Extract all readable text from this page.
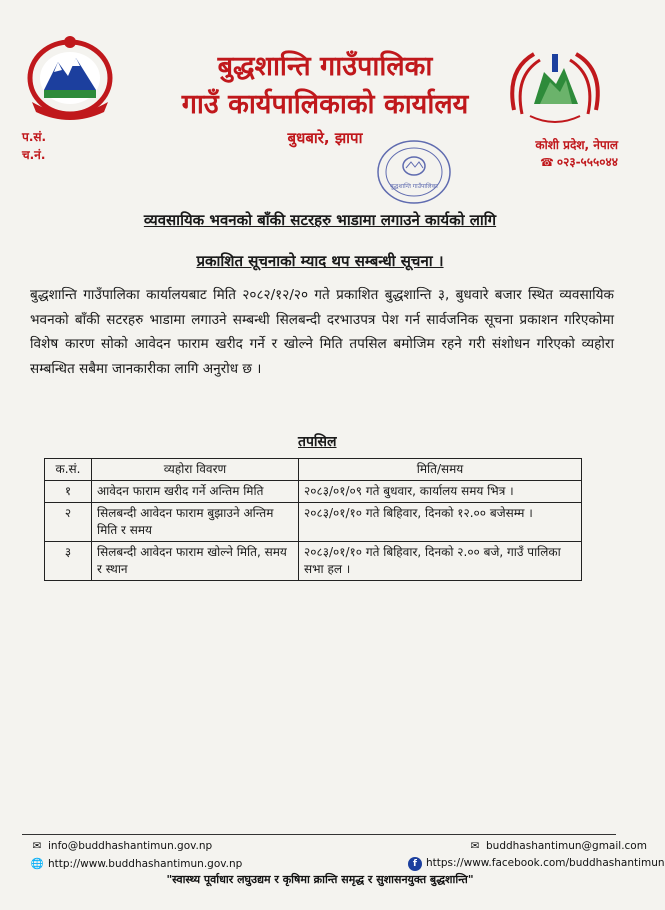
बुद्धशान्ति गाउँपालिका
गाउँ कार्यपालिकाको कार्यालय
बुधबारे, झापा
प.सं.
च.नं.
कोशी प्रदेश, नेपाल
☎ ०२३-५५५०४४
बुद्धशान्ति गाउँपालिका
व्यवसायिक भवनको बाँकी सटरहरु भाडामा लगाउने कार्यको लागि
प्रकाशित सूचनाको म्याद थप सम्बन्धी सूचना ।
बुद्धशान्ति गाउँपालिका कार्यालयबाट मिति २०८२/१२/२० गते प्रकाशित बुद्धशान्ति ३, बुधवारे बजार स्थित व्यवसायिक भवनको बाँकी सटरहरु भाडामा लगाउने सम्बन्धी सिलबन्दी दरभाउपत्र पेश गर्न सार्वजनिक सूचना प्रकाशन गरिएकोमा विशेष कारण सोको आवेदन फाराम खरीद गर्ने र खोल्ने मिति तपसिल बमोजिम रहने गरी संशोधन गरिएको व्यहोरा सम्बन्धित सबैमा जानकारीका लागि अनुरोध छ ।
तपसिल
क.सं.	व्यहोरा विवरण	मिति/समय
१	आवेदन फाराम खरीद गर्ने अन्तिम मिति	२०८३/०१/०९ गते बुधवार, कार्यालय समय भित्र ।
२	सिलबन्दी आवेदन फाराम बुझाउने अन्तिम मिति र समय	२०८३/०१/१० गते बिहिवार, दिनको १२.०० बजेसम्म ।
३	सिलबन्दी आवेदन फाराम खोल्ने मिति, समय र स्थान	२०८३/०१/१० गते बिहिवार, दिनको २.०० बजे, गाउँ पालिका सभा हल ।
✉ info@buddhashantimun.gov.np
🌐 http://www.buddhashantimun.gov.np
✉ buddhashantimun@gmail.com
f https://www.facebook.com/buddhashantimun
"स्वास्थ्य पूर्वाधार लघुउद्यम र कृषिमा क्रान्ति समृद्ध र सुशासनयुक्त बुद्धशान्ति"
